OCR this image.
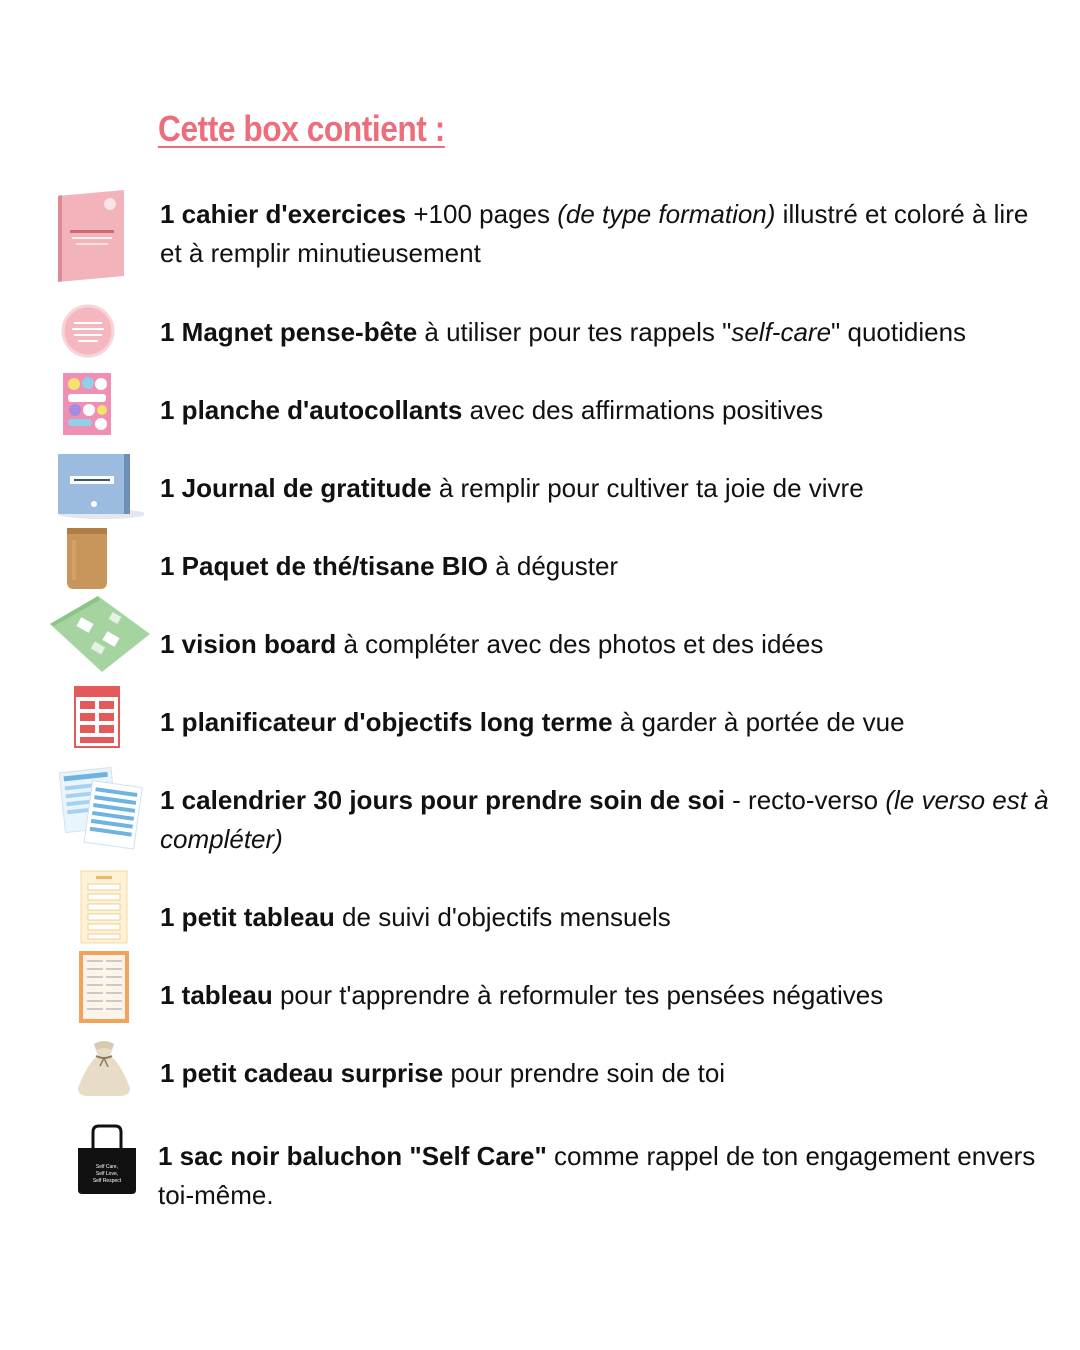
Cette box contient :
1 cahier d'exercices +100 pages (de type formation) illustré et coloré à lire et à remplir minutieusement
1 Magnet pense-bête à utiliser pour tes rappels "self-care" quotidiens
1 planche d'autocollants avec des affirmations positives
1 Journal de gratitude à remplir pour cultiver ta joie de vivre
1 Paquet de thé/tisane BIO à déguster
1 vision board à compléter avec des photos et des idées
1 planificateur d'objectifs long terme à garder à portée de vue
1 calendrier 30 jours pour prendre soin de soi - recto-verso (le verso est à compléter)
1 petit tableau de suivi d'objectifs mensuels
1 tableau pour t'apprendre à reformuler tes pensées négatives
1 petit cadeau surprise pour prendre soin de toi
1 sac noir baluchon "Self Care" comme rappel de ton engagement envers toi-même.
Self Care,
Self Love,
Self Respect
